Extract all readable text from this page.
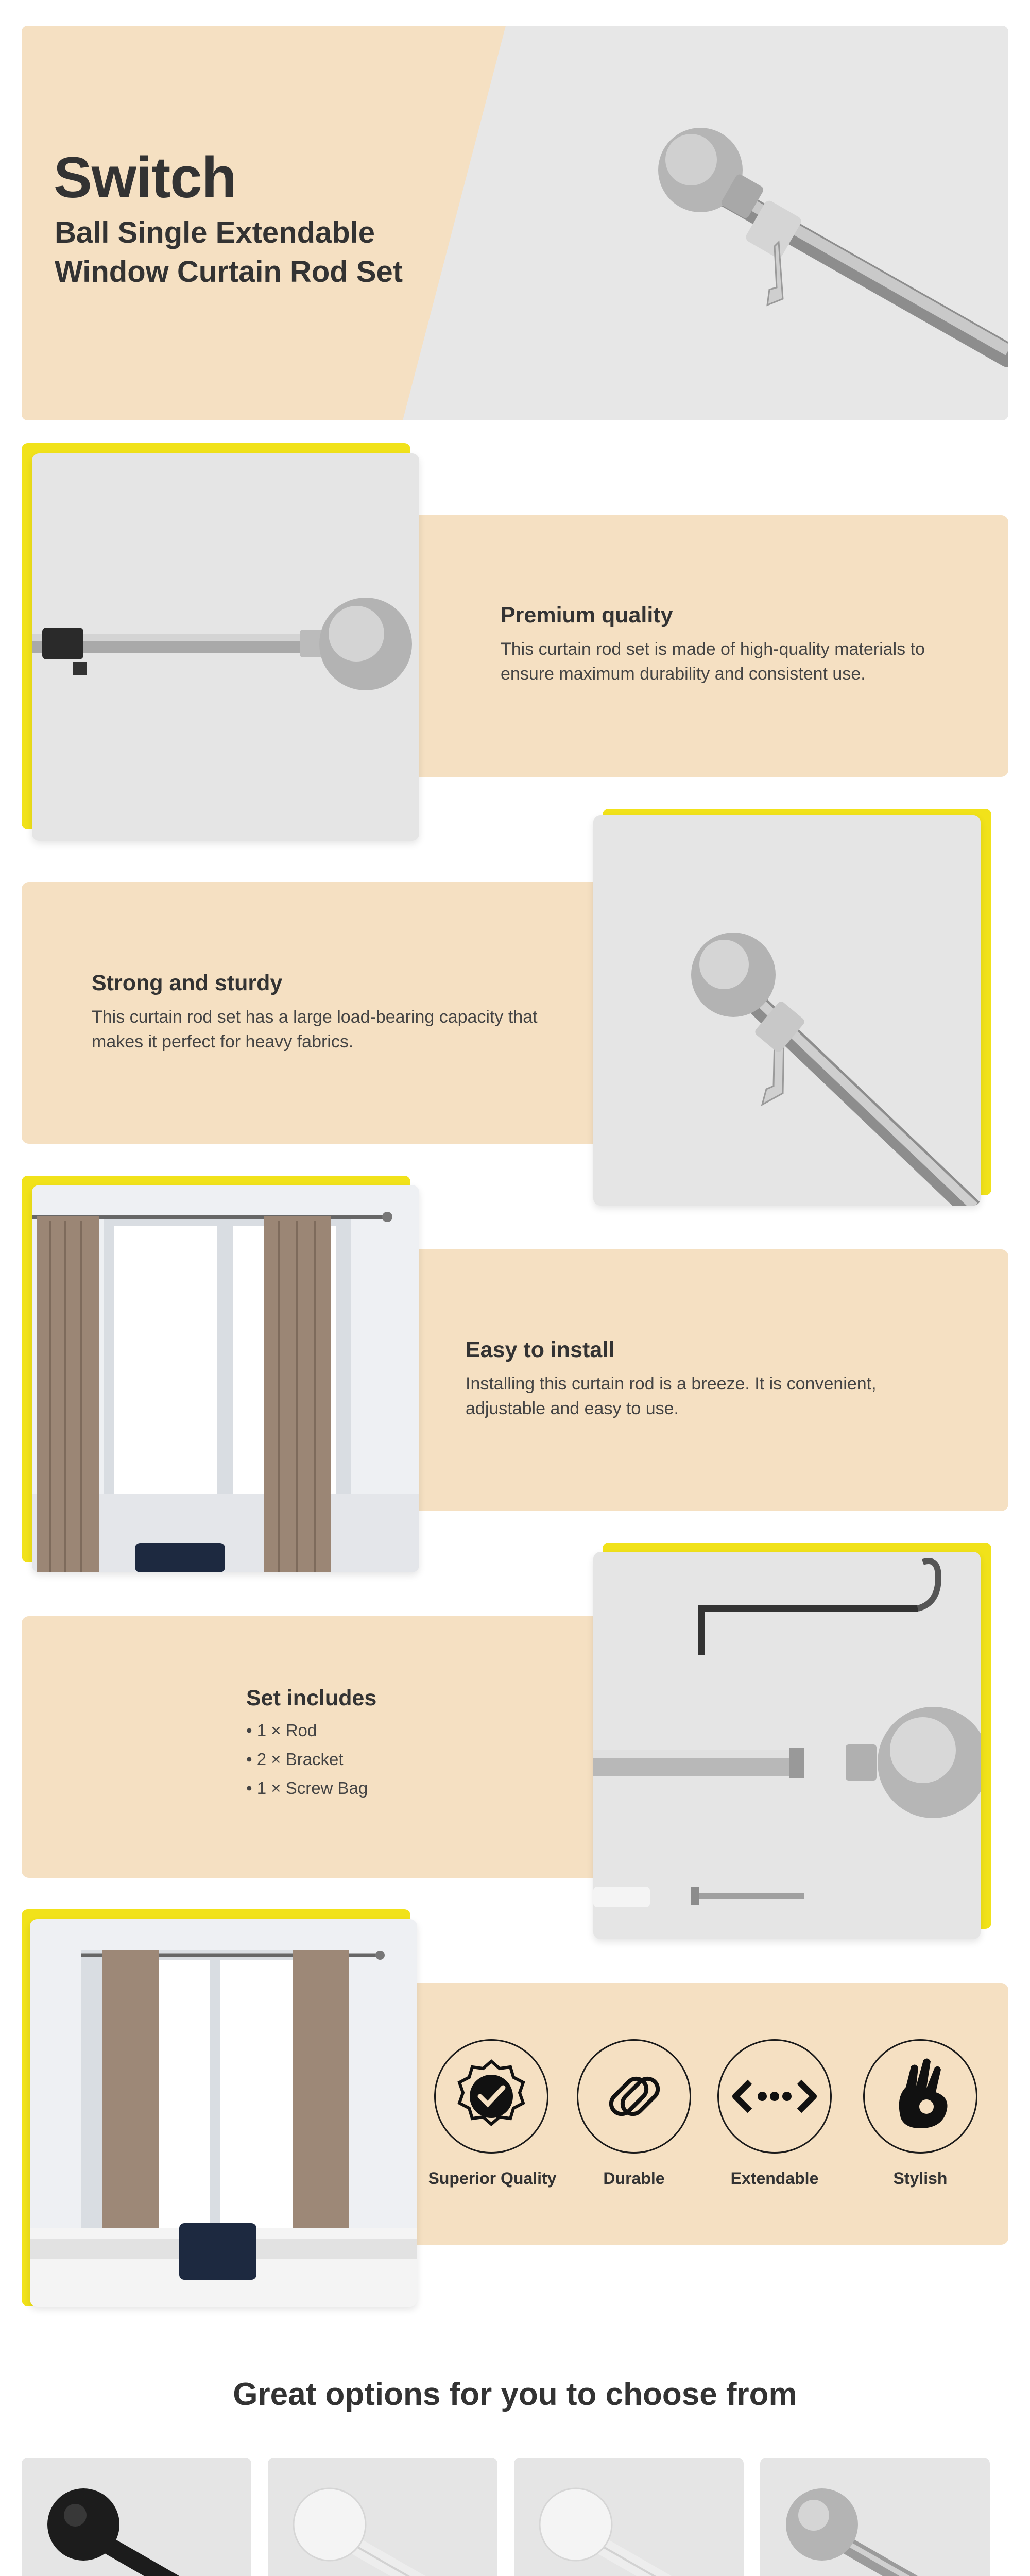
Switch
Ball Single Extendable
Window Curtain Rod Set
Premium quality
This curtain rod set is made of high-quality materials to ensure maximum durability and consistent use.
Strong and sturdy
This curtain rod set has a large load-bearing capacity that makes it perfect for heavy fabrics.
Easy to install
Installing this curtain rod is a breeze. It is convenient, adjustable and easy to use.
Set includes
• 1 × Rod
• 2 × Bracket
• 1 × Screw Bag
Superior Quality	Durable	Extendable	Stylish
Great options for you to choose from
